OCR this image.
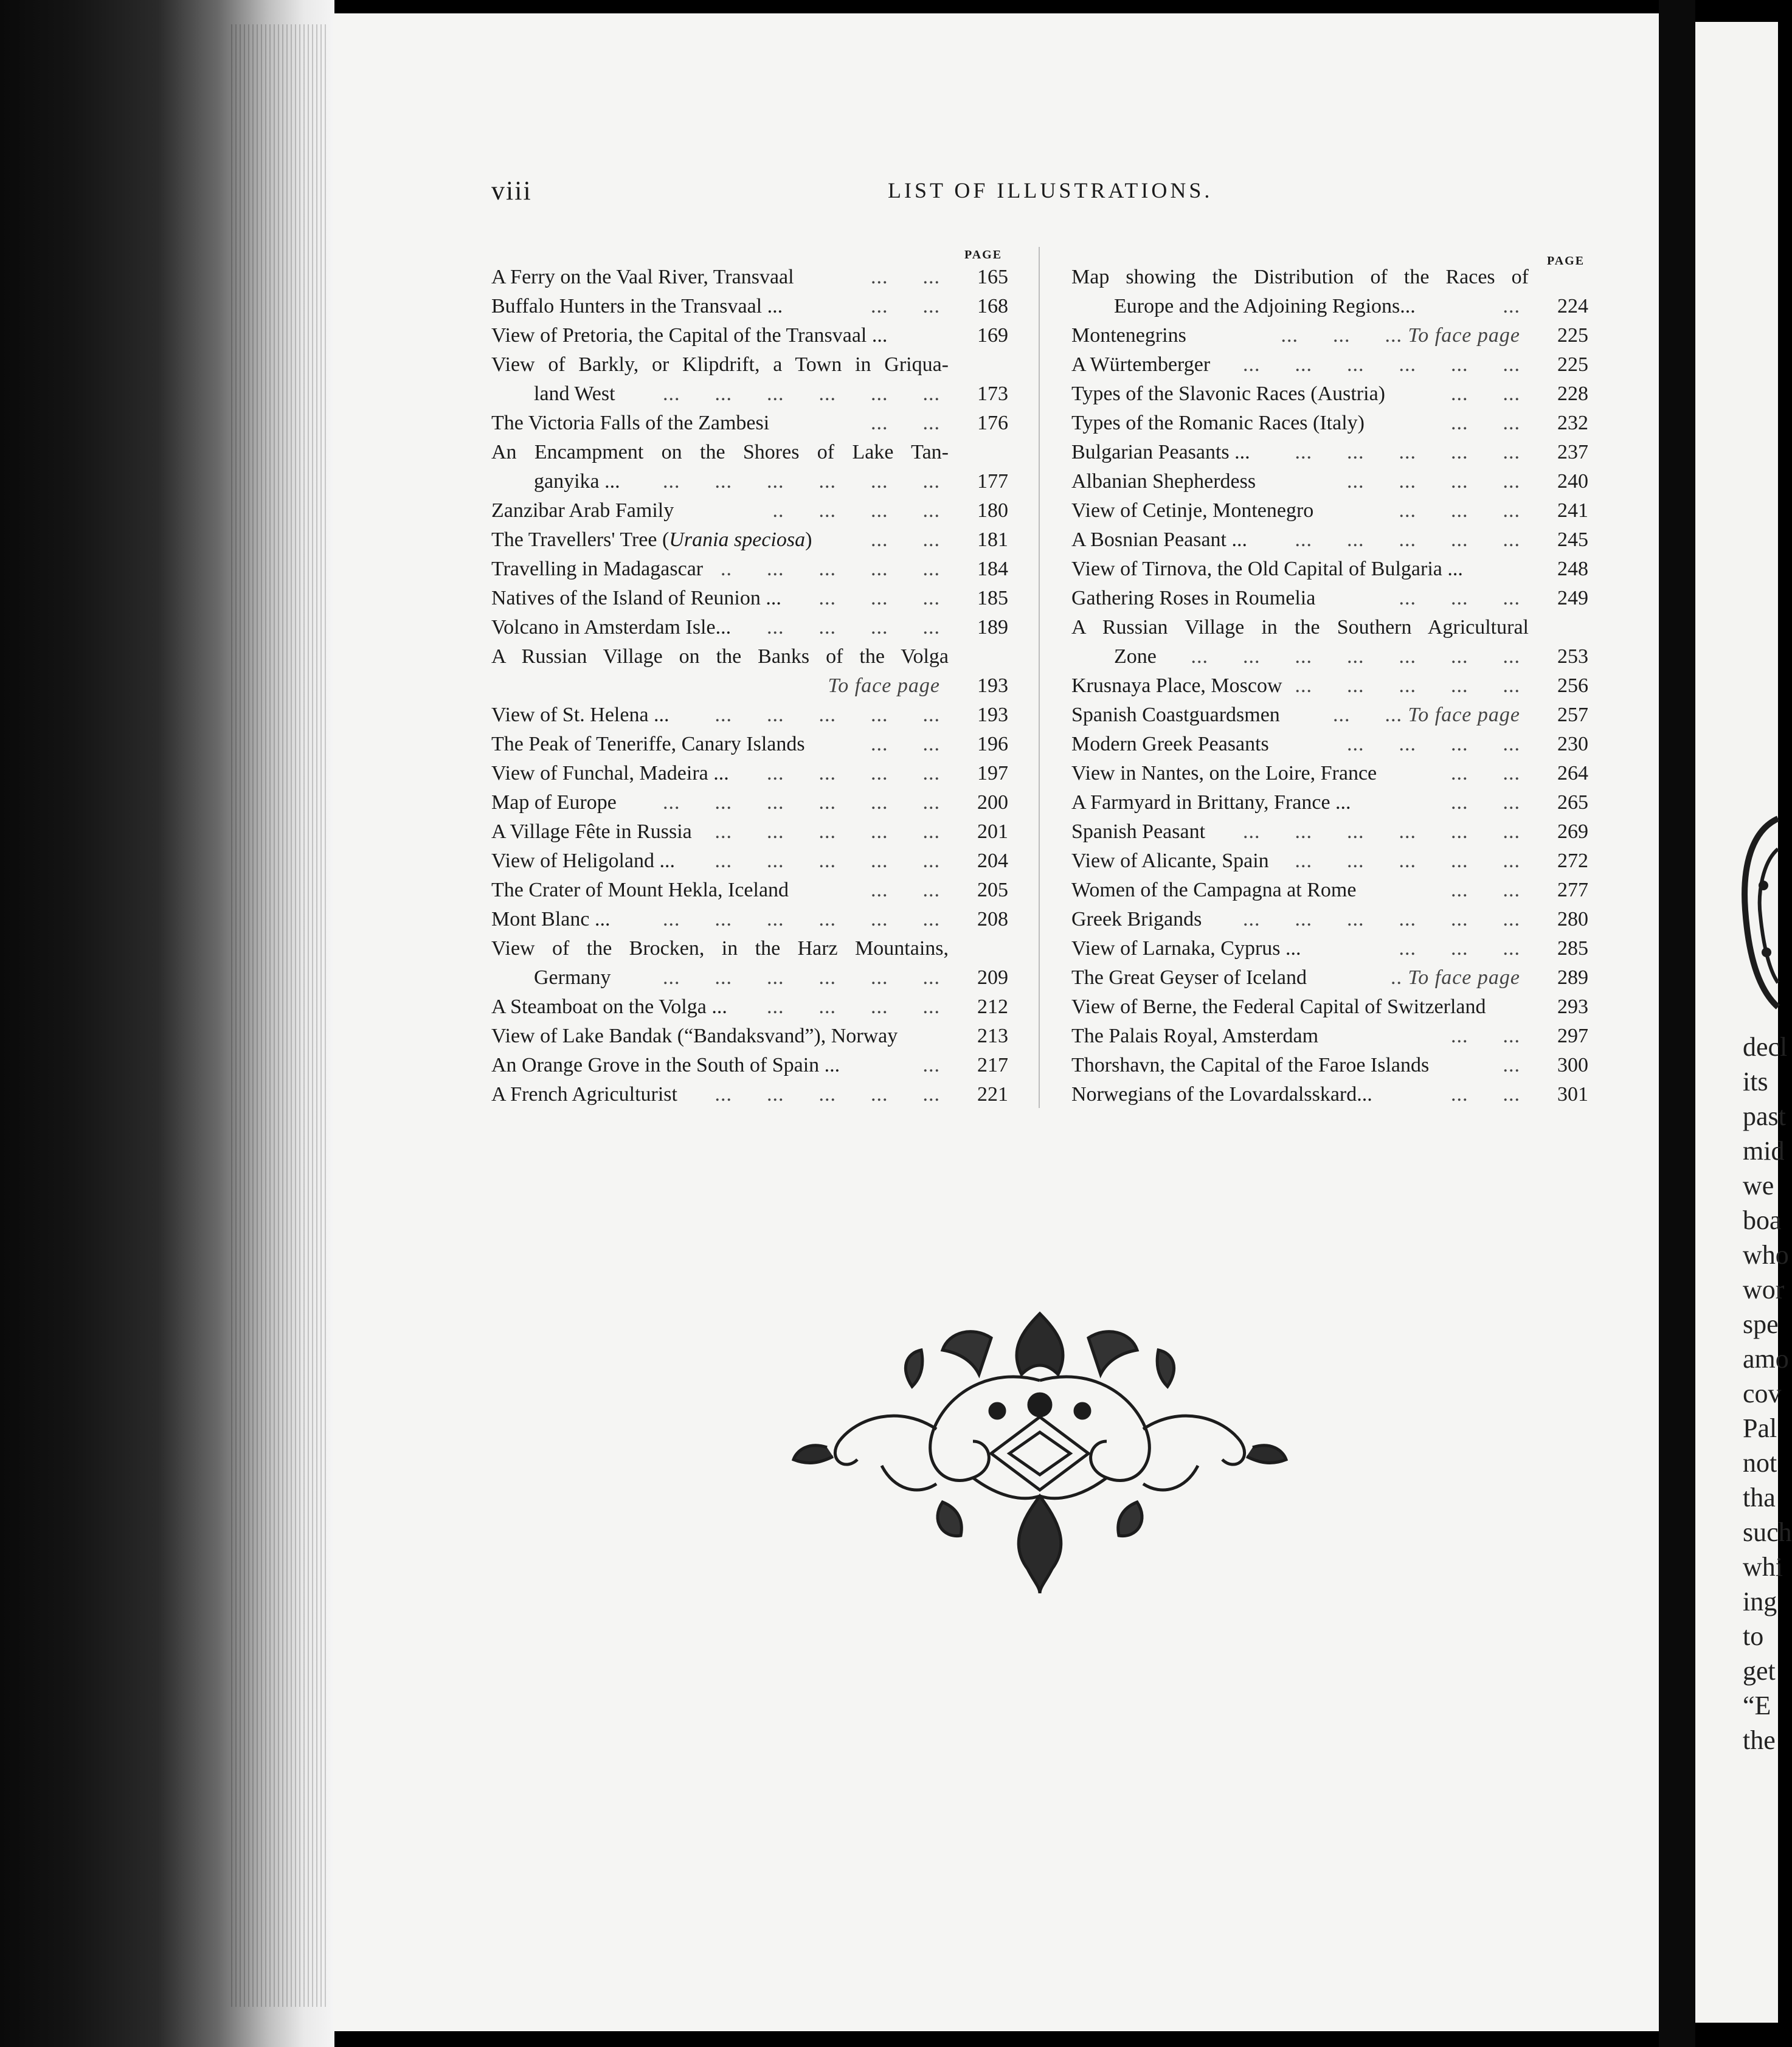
viii	LIST OF ILLUSTRATIONS.
PAGE	PAGE
A Ferry on the Vaal River, Transvaal	...      ...	165
Buffalo Hunters in the Transvaal ...	...      ...	168
View of Pretoria, the Capital of the Transvaal ...	169
View of Barkly, or Klipdrift, a Town in Griqua-
land West ...      ...      ...      ...      ...      ...	173
The Victoria Falls of the Zambesi	...      ...	176
An Encampment on the Shores of Lake Tan-
ganyika ... ...      ...      ...      ...      ...      ...	177
Zanzibar Arab Family	..      ...      ...      ...	180
The Travellers' Tree (Urania speciosa)	...      ...	181
Travelling in Madagascar ..      ...      ...      ...      ...	184
Natives of the Island of Reunion ... ...      ...      ...	185
Volcano in Amsterdam Isle... ...      ...      ...      ...	189
A Russian Village on the Banks of the Volga
To face page	193
View of St. Helena ... ...      ...      ...      ...      ...	193
The Peak of Teneriffe, Canary Islands	...      ...	196
View of Funchal, Madeira ... ...      ...      ...      ...	197
Map of Europe ...      ...      ...      ...      ...      ...	200
A Village Fête in Russia ...      ...      ...      ...      ...	201
View of Heligoland ... ...      ...      ...      ...      ...	204
The Crater of Mount Hekla, Iceland	...      ...	205
Mont Blanc ...	...      ...      ...      ...      ...      ...	208
View of the Brocken, in the Harz Mountains,
Germany	...      ...      ...      ...      ...      ...	209
A Steamboat on the Volga ... ...      ...      ...      ...	212
View of Lake Bandak (“Bandaksvand”), Norway	213
An Orange Grove in the South of Spain ...	...	217
A French Agriculturist ...      ...      ...      ...      ...	221
Map showing the Distribution of the Races of
Europe and the Adjoining Regions...	...	224
Montenegrins	...      ...      ... To face page	225
A Würtemberger ...      ...      ...      ...      ...      ...	225
Types of the Slavonic Races (Austria)	...      ...	228
Types of the Romanic Races (Italy)	...      ...	232
Bulgarian Peasants ... ...      ...      ...      ...      ...	237
Albanian Shepherdess	...      ...      ...      ...	240
View of Cetinje, Montenegro	...      ...      ...	241
A Bosnian Peasant ... ...      ...      ...      ...      ...	245
View of Tirnova, the Old Capital of Bulgaria ...	248
Gathering Roses in Roumelia	...      ...      ...	249
A Russian Village in the Southern Agricultural
Zone ...      ...      ...      ...      ...      ...      ...	253
Krusnaya Place, Moscow ...      ...      ...      ...      ...	256
Spanish Coastguardsmen	...      ... To face page	257
Modern Greek Peasants	...      ...      ...      ...	230
View in Nantes, on the Loire, France	...      ...	264
A Farmyard in Brittany, France ...	...      ...	265
Spanish Peasant ...      ...      ...      ...      ...      ...	269
View of Alicante, Spain ...      ...      ...      ...      ...	272
Women of the Campagna at Rome	...      ...	277
Greek Brigands ...      ...      ...      ...      ...      ...	280
View of Larnaka, Cyprus ...	...      ...      ...	285
The Great Geyser of Iceland	.. To face page	289
View of Berne, the Federal Capital of Switzerland	293
The Palais Royal, Amsterdam	...      ...	297
Thorshavn, the Capital of the Faroe Islands	...	300
Norwegians of the Lovardalsskard...	...      ...	301
decl
its
past
mid
we
boa
who
wor
spe
amo
cov
Pal
not
tha
such
whi
ing
to
get
“E
the
